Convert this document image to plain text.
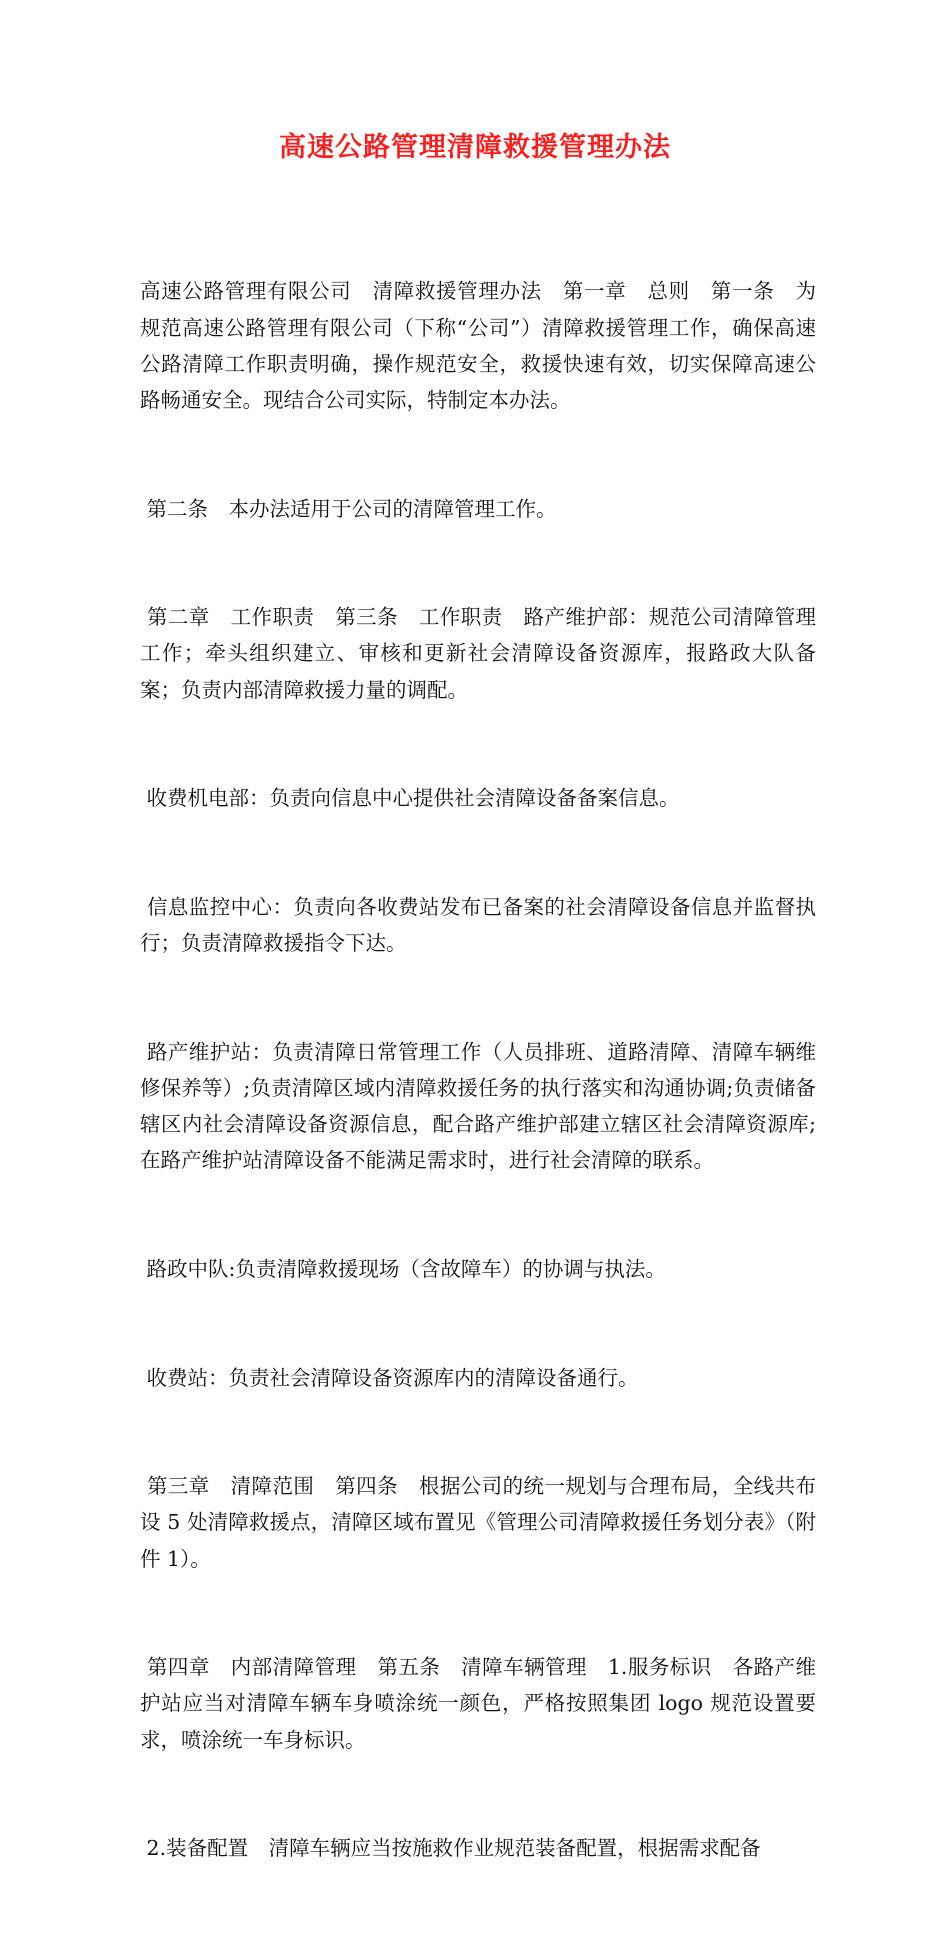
高速公路管理清障救援管理办法

高速公路管理有限公司　清障救援管理办法　第一章　总则　第一条　为规范高速公路管理有限公司（下称“公司”）清障救援管理工作，确保高速公路清障工作职责明确，操作规范安全，救援快速有效，切实保障高速公路畅通安全。现结合公司实际，特制定本办法。

第二条　本办法适用于公司的清障管理工作。

第二章　工作职责　第三条　工作职责　路产维护部：规范公司清障管理工作；牵头组织建立、审核和更新社会清障设备资源库，报路政大队备案；负责内部清障救援力量的调配。

收费机电部：负责向信息中心提供社会清障设备备案信息。

信息监控中心：负责向各收费站发布已备案的社会清障设备信息并监督执行；负责清障救援指令下达。

路产维护站：负责清障日常管理工作（人员排班、道路清障、清障车辆维修保养等）;负责清障区域内清障救援任务的执行落实和沟通协调;负责储备辖区内社会清障设备资源信息，配合路产维护部建立辖区社会清障资源库;在路产维护站清障设备不能满足需求时，进行社会清障的联系。

路政中队:负责清障救援现场（含故障车）的协调与执法。

收费站：负责社会清障设备资源库内的清障设备通行。

第三章　清障范围　第四条　根据公司的统一规划与合理布局，全线共布设 5 处清障救援点，清障区域布置见《管理公司清障救援任务划分表》（附件 1）。

第四章　内部清障管理　第五条　清障车辆管理　1.服务标识　各路产维护站应当对清障车辆车身喷涂统一颜色，严格按照集团 logo 规范设置要求，喷涂统一车身标识。

2.装备配置　清障车辆应当按施救作业规范装备配置，根据需求配备
